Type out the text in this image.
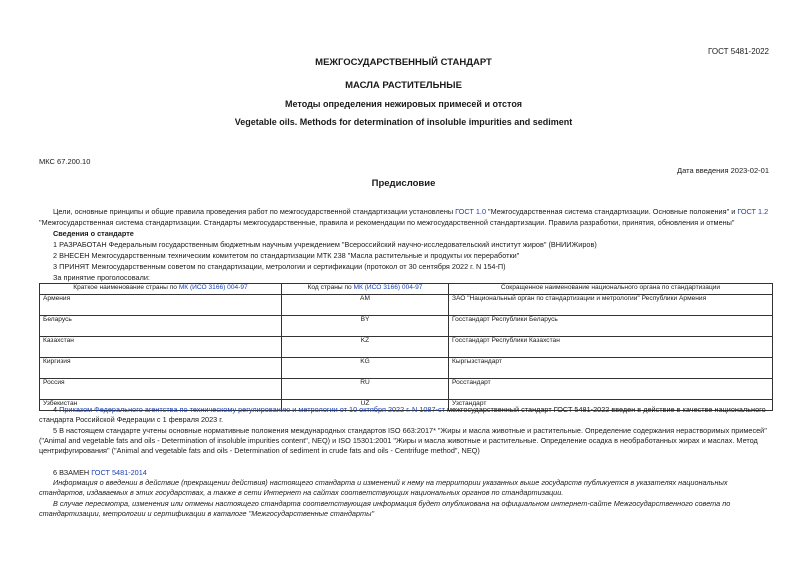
ГОСТ 5481-2022
МЕЖГОСУДАРСТВЕННЫЙ СТАНДАРТ
МАСЛА РАСТИТЕЛЬНЫЕ
Методы определения нежировых примесей и отстоя
Vegetable oils. Methods for determination of insoluble impurities and sediment
МКС 67.200.10
Дата введения 2023-02-01
Предисловие
Цели, основные принципы и общие правила проведения работ по межгосударственной стандартизации установлены ГОСТ 1.0 "Межгосударственная система стандартизации. Основные положения" и ГОСТ 1.2 "Межгосударственная система стандартизации. Стандарты межгосударственные, правила и рекомендации по межгосударственной стандартизации. Правила разработки, принятия, обновления и отмены"
Сведения о стандарте
1 РАЗРАБОТАН Федеральным государственным бюджетным научным учреждением "Всероссийский научно-исследовательский институт жиров" (ВНИИЖиров)
2 ВНЕСЕН Межгосударственным техническим комитетом по стандартизации МТК 238 "Масла растительные и продукты их переработки"
3 ПРИНЯТ Межгосударственным советом по стандартизации, метрологии и сертификации (протокол от 30 сентября 2022 г. N 154-П)
За принятие проголосовали:
Краткое наименование страны по МК (ИСО 3166) 004-97	Код страны по МК (ИСО 3166) 004-97	Сокращенное наименование национального органа по стандартизации
Армения	AM	ЗАО "Национальный орган по стандартизации и метрологии" Республики Армения
Беларусь	BY	Госстандарт Республики Беларусь
Казахстан	KZ	Госстандарт Республики Казахстан
Киргизия	KG	Кыргызстандарт
Россия	RU	Росстандарт
Узбекистан	UZ	Узстандарт
4 Приказом Федерального агентства по техническому регулированию и метрологии от 10 октября 2022 г. N 1087-ст межгосударственный стандарт ГОСТ 5481-2022 введен в действие в качестве национального стандарта Российской Федерации с 1 февраля 2023 г.
5 В настоящем стандарте учтены основные нормативные положения международных стандартов ISO 663:2017* "Жиры и масла животные и растительные. Определение содержания нерастворимых примесей" ("Animal and vegetable fats and oils - Determination of insoluble impurities content", NEQ) и ISO 15301:2001 "Жиры и масла животные и растительные. Определение осадка в необработанных жирах и маслах. Метод центрифугирования" ("Animal and vegetable fats and oils - Determination of sediment in crude fats and oils - Centrifuge method", NEQ)
6 ВЗАМЕН ГОСТ 5481-2014
Информация о введении в действие (прекращении действия) настоящего стандарта и изменений к нему на территории указанных выше государств публикуется в указателях национальных стандартов, издаваемых в этих государствах, а также в сети Интернет на сайтах соответствующих национальных органов по стандартизации.
В случае пересмотра, изменения или отмены настоящего стандарта соответствующая информация будет опубликована на официальном интернет-сайте Межгосударственного совета по стандартизации, метрологии и сертификации в каталоге "Межгосударственные стандарты"
